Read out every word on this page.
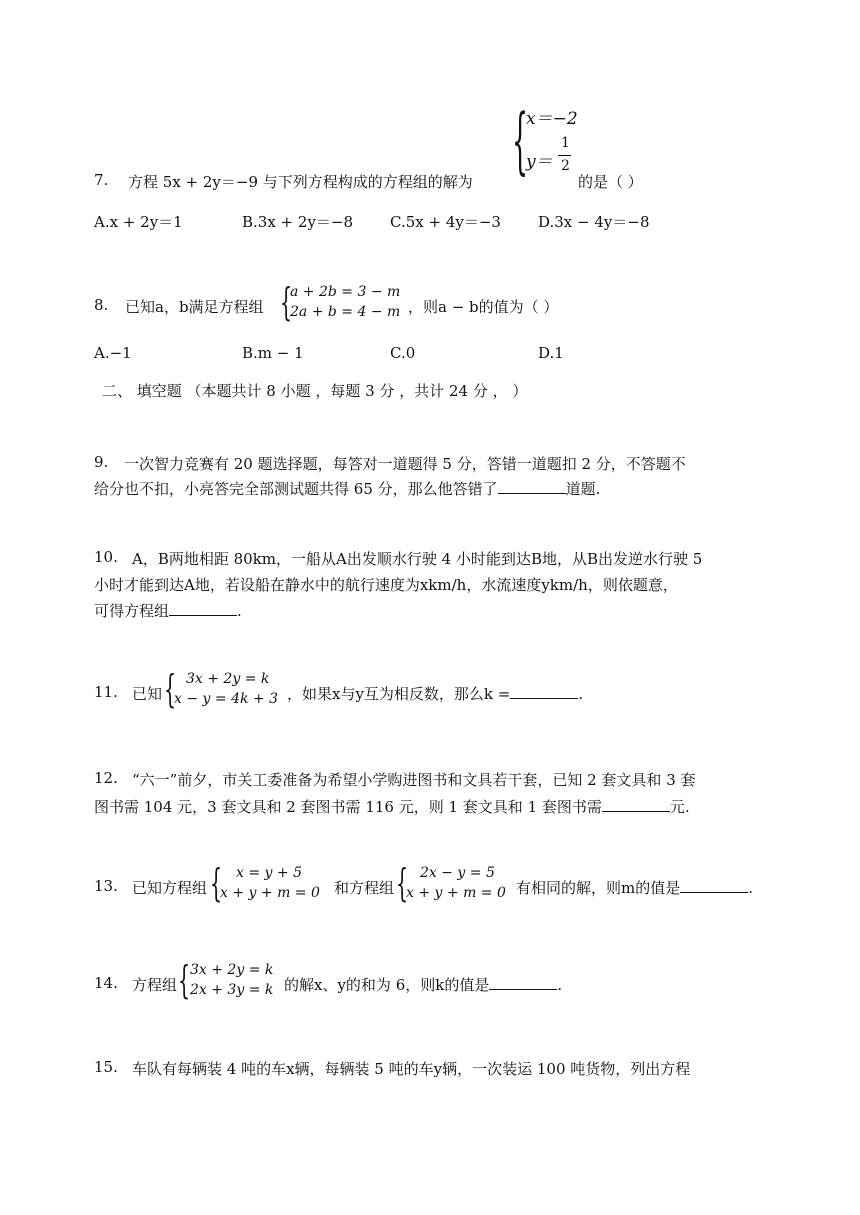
{
x＝−2
y＝
1
2
7. 方程 5x + 2y＝−9 与下列方程构成的方程组的解为	的是（ ）
A.x + 2y＝1	B.3x + 2y＝−8 C.5x + 4y＝−3 D.3x − 4y＝−8
8. 已知a，b满足方程组 {
a + 2b = 3 − m
2a + b = 4 − m ，则a − b的值为（ ）
A.−1	B.m − 1	C.0	D.1
二、 填空题 （本题共计 8 小题 ，每题 3 分 ，共计 24 分 ， ）
9. 一次智力竞赛有 20 题选择题，每答对一道题得 5 分，答错一道题扣 2 分，不答题不
给分也不扣，小亮答完全部测试题共得 65 分，那么他答错了	道题.
10. A，B两地相距 80km，一船从A出发顺水行驶 4 小时能到达B地，从B出发逆水行驶 5
小时才能到达A地，若设船在静水中的航行速度为xkm/h，水流速度ykm/h，则依题意，
可得方程组	.
11. 已知 { 3x + 2y = k
x − y = 4k + 3 ，如果x与y互为相反数，那么k =	.
12. “六一”前夕，市关工委准备为希望小学购进图书和文具若干套，已知 2 套文具和 3 套
图书需 104 元，3 套文具和 2 套图书需 116 元，则 1 套文具和 1 套图书需	元.
13. 已知方程组 { x = y + 5
x + y + m = 0 和方程组 { 2x − y = 5
x + y + m = 0 有相同的解，则m的值是	.
14. 方程组 { 3x + 2y = k
2x + 3y = k 的解x、y的和为 6，则k的值是	.
15. 车队有每辆装 4 吨的车x辆，每辆装 5 吨的车y辆，一次装运 100 吨货物，列出方程
